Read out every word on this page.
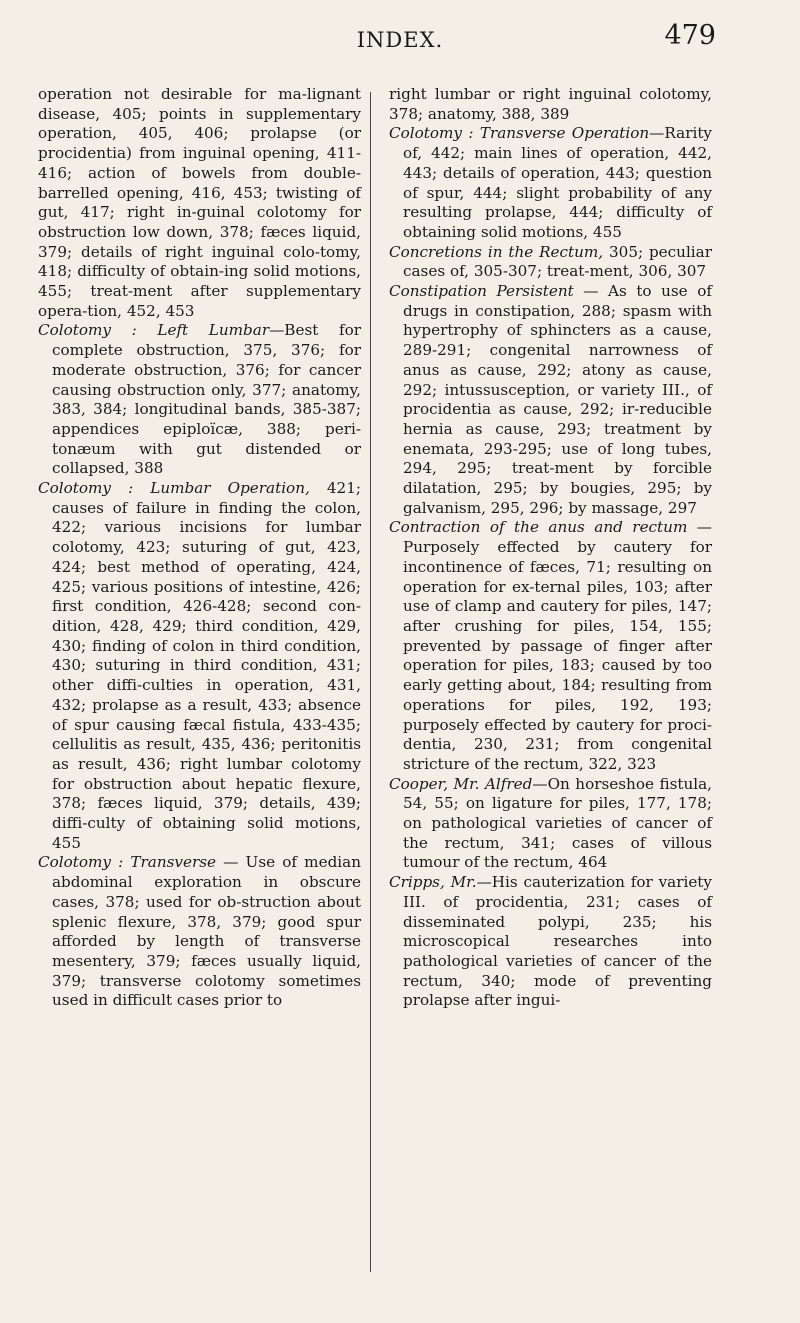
INDEX.	479

operation not desirable for ma-lignant disease, 405; points in supplementary operation, 405, 406; prolapse (or procidentia) from inguinal opening, 411-416; action of bowels from double-barrelled opening, 416, 453; twisting of gut, 417; right in-guinal colotomy for obstruction low down, 378; fæces liquid, 379; details of right inguinal colo-tomy, 418; difficulty of obtain-ing solid motions, 455; treat-ment after supplementary opera-tion, 452, 453

Colotomy : Left Lumbar—Best for complete obstruction, 375, 376; for moderate obstruction, 376; for cancer causing obstruction only, 377; anatomy, 383, 384; longitudinal bands, 385-387; appendices epiploïcæ, 388; peri-tonæum with gut distended or collapsed, 388

Colotomy : Lumbar Operation, 421; causes of failure in finding the colon, 422; various incisions for lumbar colotomy, 423; suturing of gut, 423, 424; best method of operating, 424, 425; various positions of intestine, 426; first condition, 426-428; second con-dition, 428, 429; third condition, 429, 430; finding of colon in third condition, 430; suturing in third condition, 431; other diffi-culties in operation, 431, 432; prolapse as a result, 433; absence of spur causing fæcal fistula, 433-435; cellulitis as result, 435, 436; peritonitis as result, 436; right lumbar colotomy for obstruction about hepatic flexure, 378; fæces liquid, 379; details, 439; diffi-culty of obtaining solid motions, 455

Colotomy : Transverse — Use of median abdominal exploration in obscure cases, 378; used for ob-struction about splenic flexure, 378, 379; good spur afforded by length of transverse mesentery, 379; fæces usually liquid, 379; transverse colotomy sometimes used in difficult cases prior to

right lumbar or right inguinal colotomy, 378; anatomy, 388, 389

Colotomy : Transverse Operation—Rarity of, 442; main lines of operation, 442, 443; details of operation, 443; question of spur, 444; slight probability of any resulting prolapse, 444; difficulty of obtaining solid motions, 455

Concretions in the Rectum, 305; peculiar cases of, 305-307; treat-ment, 306, 307

Constipation Persistent — As to use of drugs in constipation, 288; spasm with hypertrophy of sphincters as a cause, 289-291; congenital narrowness of anus as cause, 292; atony as cause, 292; intussusception, or variety III., of procidentia as cause, 292; ir-reducible hernia as cause, 293; treatment by enemata, 293-295; use of long tubes, 294, 295; treat-ment by forcible dilatation, 295; by bougies, 295; by galvanism, 295, 296; by massage, 297

Contraction of the anus and rectum —Purposely effected by cautery for incontinence of fæces, 71; resulting on operation for ex-ternal piles, 103; after use of clamp and cautery for piles, 147; after crushing for piles, 154, 155; prevented by passage of finger after operation for piles, 183; caused by too early getting about, 184; resulting from operations for piles, 192, 193; purposely effected by cautery for proci-dentia, 230, 231; from congenital stricture of the rectum, 322, 323

Cooper, Mr. Alfred—On horseshoe fistula, 54, 55; on ligature for piles, 177, 178; on pathological varieties of cancer of the rectum, 341; cases of villous tumour of the rectum, 464

Cripps, Mr.—His cauterization for variety III. of procidentia, 231; cases of disseminated polypi, 235; his microscopical researches into pathological varieties of cancer of the rectum, 340; mode of preventing prolapse after ingui-
